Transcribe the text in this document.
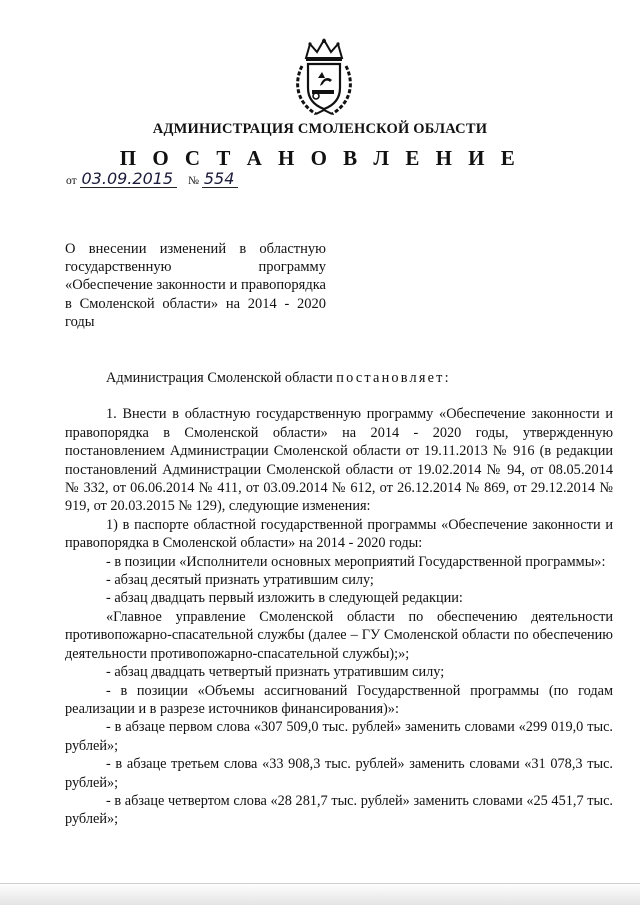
АДМИНИСТРАЦИЯ СМОЛЕНСКОЙ ОБЛАСТИ
П О С Т А Н О В Л Е Н И Е
от 03.09.2015 № 554
О внесении изменений в областную государственную программу «Обеспечение законности и правопорядка в Смоленской области» на 2014 - 2020 годы

Администрация Смоленской области постановляет:

1. Внести в областную государственную программу «Обеспечение законности и правопорядка в Смоленской области» на 2014 - 2020 годы, утвержденную постановлением Администрации Смоленской области от 19.11.2013 № 916 (в редакции постановлений Администрации Смоленской области от 19.02.2014 № 94, от 08.05.2014 № 332, от 06.06.2014 № 411, от 03.09.2014 № 612, от 26.12.2014 № 869, от 29.12.2014 № 919, от 20.03.2015 № 129), следующие изменения:

1) в паспорте областной государственной программы «Обеспечение законности и правопорядка в Смоленской области» на 2014 - 2020 годы:

- в позиции «Исполнители основных мероприятий Государственной программы»:

- абзац десятый признать утратившим силу;

- абзац двадцать первый изложить в следующей редакции:

«Главное управление Смоленской области по обеспечению деятельности противопожарно-спасательной службы (далее – ГУ Смоленской области по обеспечению деятельности противопожарно-спасательной службы);»;

- абзац двадцать четвертый признать утратившим силу;

- в позиции «Объемы ассигнований Государственной программы (по годам реализации и в разрезе источников финансирования)»:

- в абзаце первом слова «307 509,0 тыс. рублей» заменить словами «299 019,0 тыс. рублей»;

- в абзаце третьем слова «33 908,3 тыс. рублей» заменить словами «31 078,3 тыс. рублей»;

- в абзаце четвертом слова «28 281,7 тыс. рублей» заменить словами «25 451,7 тыс. рублей»;
